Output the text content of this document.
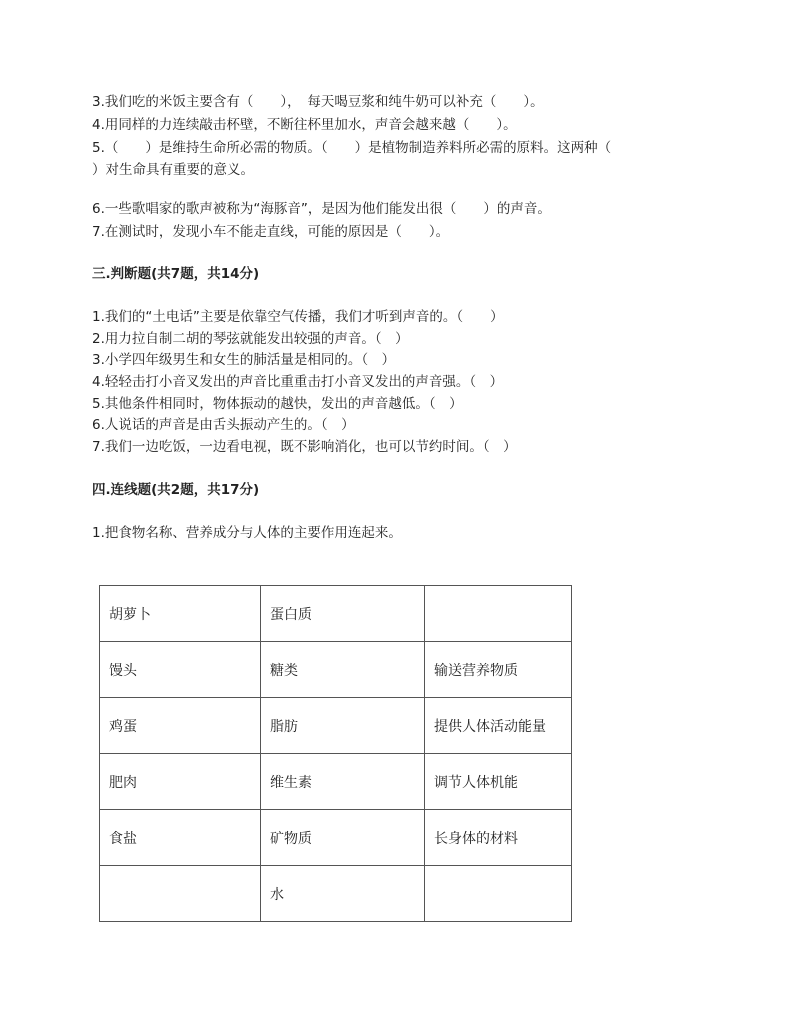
3.我们吃的米饭主要含有（　　），　每天喝豆浆和纯牛奶可以补充（　　）。
4.用同样的力连续敲击杯壁，不断往杯里加水，声音会越来越（　　）。
5.（　　）是维持生命所必需的物质。（　　）是植物制造养料所必需的原料。这两种（
）对生命具有重要的意义。
6.一些歌唱家的歌声被称为“海豚音”，是因为他们能发出很（　　）的声音。
7.在测试时，发现小车不能走直线，可能的原因是（　　）。
三.判断题(共7题，共14分)
1.我们的“土电话”主要是依靠空气传播，我们才听到声音的。（　　）
2.用力拉自制二胡的琴弦就能发出较强的声音。（　）
3.小学四年级男生和女生的肺活量是相同的。（　）
4.轻轻击打小音叉发出的声音比重重击打小音叉发出的声音强。（　）
5.其他条件相同时，物体振动的越快，发出的声音越低。（　）
6.人说话的声音是由舌头振动产生的。（　）
7.我们一边吃饭，一边看电视，既不影响消化，也可以节约时间。（　）
四.连线题(共2题，共17分)
1.把食物名称、营养成分与人体的主要作用连起来。
胡萝卜	蛋白质	
馒头	糖类	输送营养物质
鸡蛋	脂肪	提供人体活动能量
肥肉	维生素	调节人体机能
食盐	矿物质	长身体的材料
	水	
